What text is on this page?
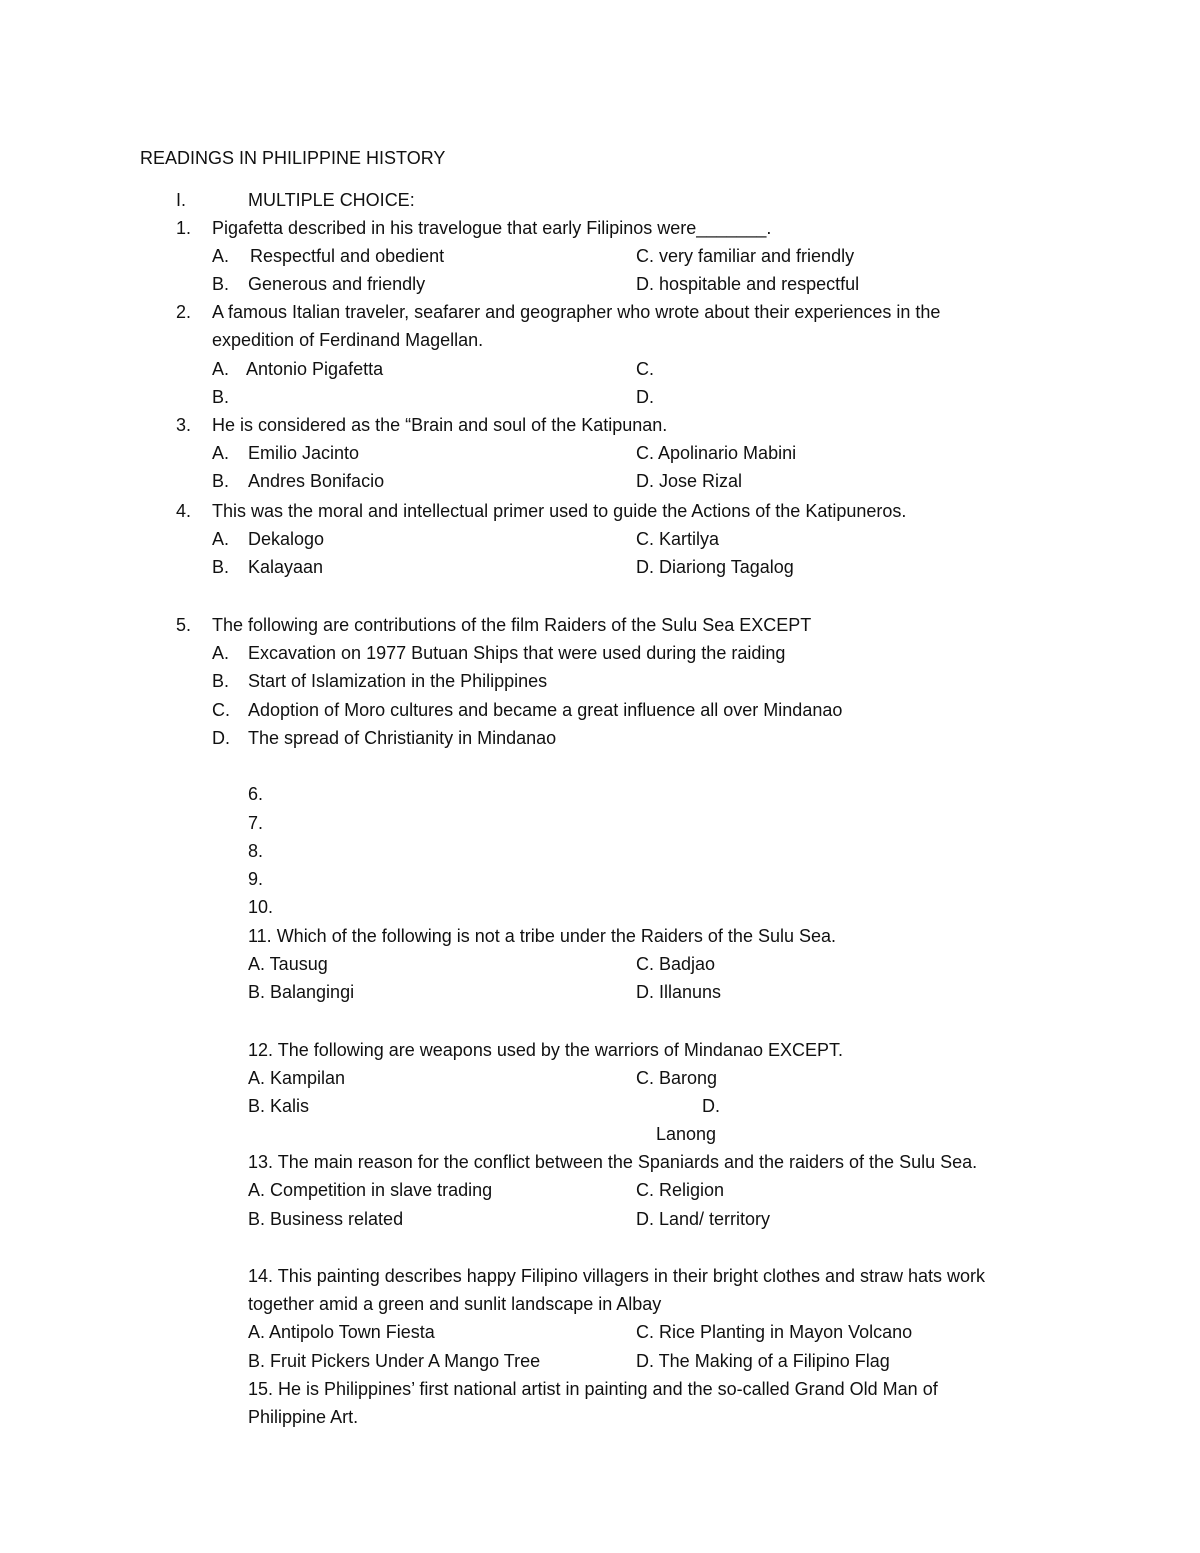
READINGS IN PHILIPPINE HISTORY
I.	MULTIPLE CHOICE:
1. Pigafetta described in his travelogue that early Filipinos were_______.
A. Respectful and obedient	C. very familiar and friendly
B. Generous and friendly	D. hospitable and respectful
2. A famous Italian traveler, seafarer and geographer who wrote about their experiences in the
expedition of Ferdinand Magellan.
A. Antonio Pigafetta	C.
B.	D.
3. He is considered as the “Brain and soul of the Katipunan.
A. Emilio Jacinto	C. Apolinario Mabini
B. Andres Bonifacio	D. Jose Rizal
4. This was the moral and intellectual primer used to guide the Actions of the Katipuneros.
A. Dekalogo	C. Kartilya
B. Kalayaan	D. Diariong Tagalog
5. The following are contributions of the film Raiders of the Sulu Sea EXCEPT
A. Excavation on 1977 Butuan Ships that were used during the raiding
B. Start of Islamization in the Philippines
C. Adoption of Moro cultures and became a great influence all over Mindanao
D. The spread of Christianity in Mindanao
6.
7.
8.
9.
10.
11. Which of the following is not a tribe under the Raiders of the Sulu Sea.
A. Tausug	C. Badjao
B. Balangingi	D. Illanuns
12. The following are weapons used by the warriors of Mindanao EXCEPT.
A. Kampilan	C. Barong
B. Kalis	D.
Lanong
13. The main reason for the conflict between the Spaniards and the raiders of the Sulu Sea.
A. Competition in slave trading	C. Religion
B. Business related	D. Land/ territory
14. This painting describes happy Filipino villagers in their bright clothes and straw hats work
together amid a green and sunlit landscape in Albay
A. Antipolo Town Fiesta	C. Rice Planting in Mayon Volcano
B. Fruit Pickers Under A Mango Tree	D. The Making of a Filipino Flag
15. He is Philippines’ first national artist in painting and the so-called Grand Old Man of
Philippine Art.
